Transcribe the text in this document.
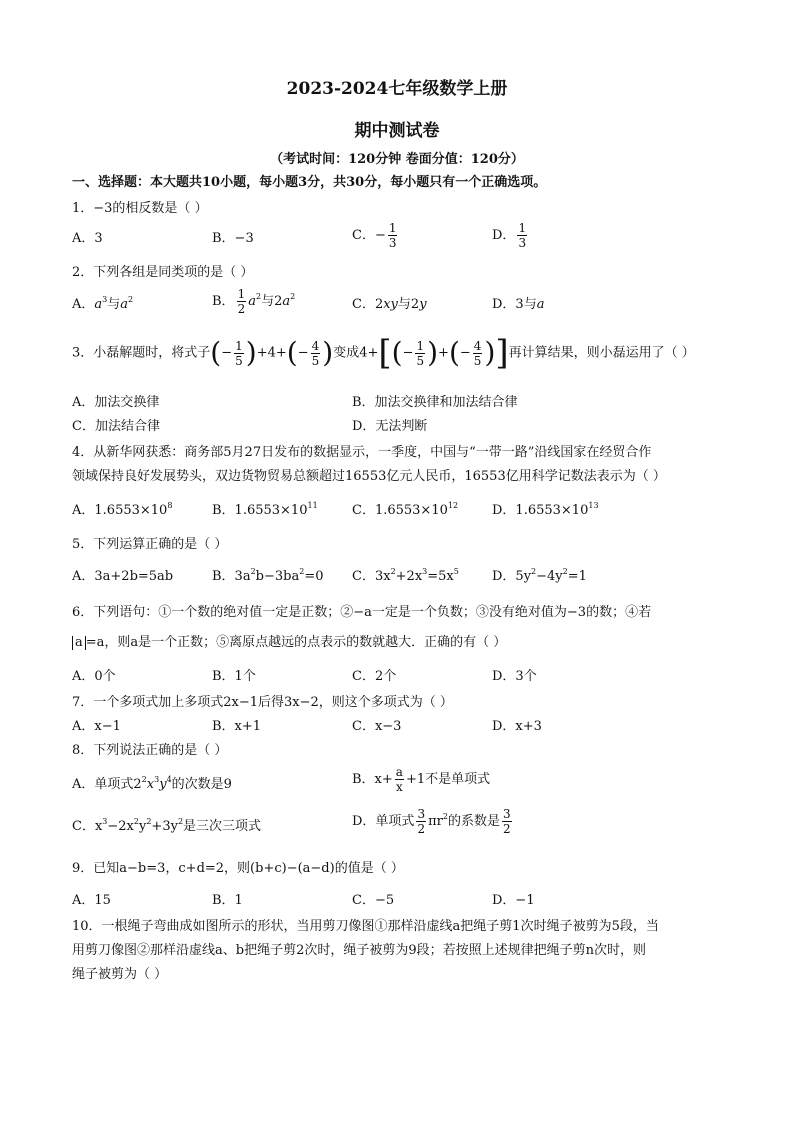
2023-2024七年级数学上册
期中测试卷
（考试时间：120分钟 卷面分值：120分）
一、选择题：本大题共10小题，每小题3分，共30分，每小题只有一个正确选项。
1．−3的相反数是（ ）
A．3	B．−3	C．− $\frac{1}{3}$	D． $\frac{1}{3}$
2．下列各组是同类项的是（ ）
A．$a^3$与$a^2$	B． $\frac{1}{2} a^2$与$2a^2$
C．2xy与2y	D．3与a
3．小磊解题时，将式子(− $\frac{1}{5} )+4+(- \frac{4}{5}$ )变成$4+[(- \frac{1}{5}$ )+(− $\frac{4}{5}$ )]再计算结果，则小磊运用了（ ）
A．加法交换律	B．加法交换律和加法结合律
C．加法结合律	D．无法判断
4．从新华网获悉：商务部5月27日发布的数据显示，一季度，中国与“一带一路”沿线国家在经贸合作
领域保持良好发展势头，双边货物贸易总额超过16553亿元人民币，16553亿用科学记数法表示为（ ）
A．$1.6553\times 10^8$	B．$1.6553\times 10^{11}$	C．$1.6553\times 10^{12}$	D．$1.6553\times 10^{13}$
5．下列运算正确的是（ ）
A．3a+2b=5ab	B．$3a^2b-3ba^2=0$ C．$3x^2+2x^3=5x^5$	D．$5y^2-4y^2=1$
6．下列语句：①一个数的绝对值一定是正数；②−a一定是一个负数；③没有绝对值为−3的数；④若
a =a，则a是一个正数；⑤离原点越远的点表示的数就越大．正确的有（ ）
A．0个	B．1个	C．2个	D．3个
7．一个多项式加上多项式2x−1后得3x−2，则这个多项式为（ ）
A．x−1	B．x+1	C．x−3	D．x+3
8．下列说法正确的是（ ）
A．单项式$2^2x^3y^4$的次数是9	B．$x+ \frac{a}{x} +1$不是单项式
C．$x^3-2x^2y^2+3y^2$是三次三项式	D．单项式 $\frac{3}{2} \pi r^2$的系数是 $\frac{3}{2}$
9．已知a−b=3，c+d=2，则(b+c)−(a−d)的值是（ ）
A．15	B．1	C．−5	D．−1
10．一根绳子弯曲成如图所示的形状，当用剪刀像图①那样沿虚线a把绳子剪1次时绳子被剪为5段，当
用剪刀像图②那样沿虚线a、b把绳子剪2次时，绳子被剪为9段；若按照上述规律把绳子剪n次时，则
绳子被剪为（ ）
